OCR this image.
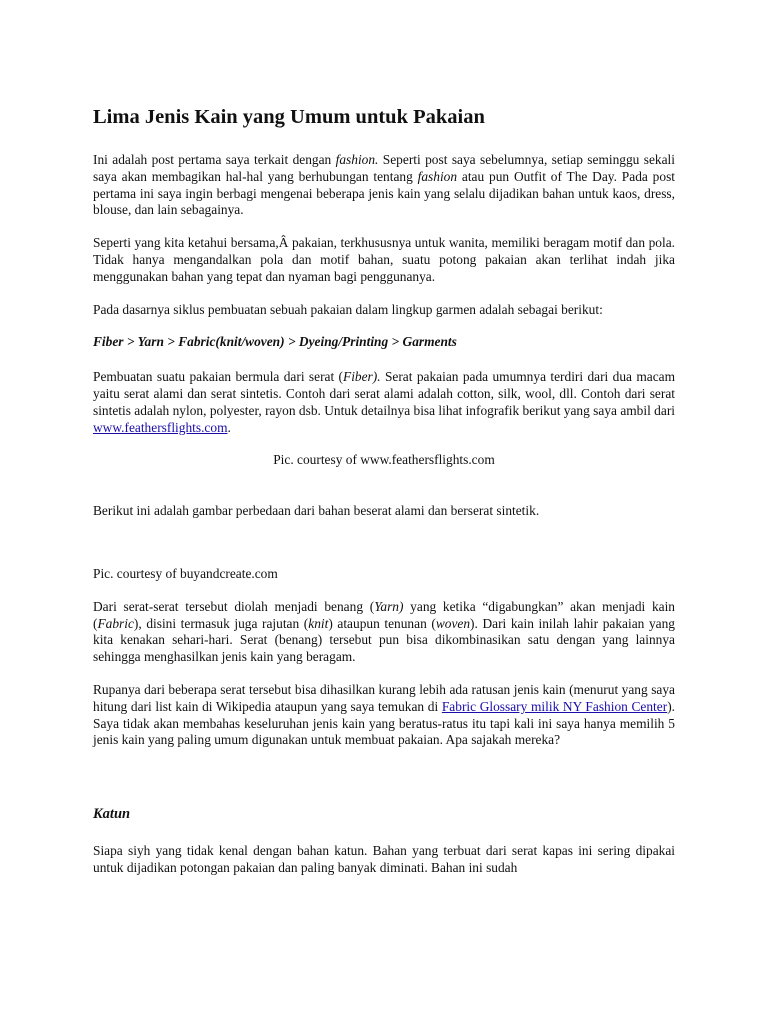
Lima Jenis Kain yang Umum untuk Pakaian

Ini adalah post pertama saya terkait dengan fashion. Seperti post saya sebelumnya, setiap seminggu sekali saya akan membagikan hal-hal yang berhubungan tentang fashion atau pun Outfit of The Day. Pada post pertama ini saya ingin berbagi mengenai beberapa jenis kain yang selalu dijadikan bahan untuk kaos, dress, blouse, dan lain sebagainya.

Seperti yang kita ketahui bersama,Â pakaian, terkhususnya untuk wanita, memiliki beragam motif dan pola. Tidak hanya mengandalkan pola dan motif bahan, suatu potong pakaian akan terlihat indah jika menggunakan bahan yang tepat dan nyaman bagi penggunanya.

Pada dasarnya siklus pembuatan sebuah pakaian dalam lingkup garmen adalah sebagai berikut:

Fiber > Yarn > Fabric(knit/woven) > Dyeing/Printing > Garments

Pembuatan suatu pakaian bermula dari serat (Fiber). Serat pakaian pada umumnya terdiri dari dua macam yaitu serat alami dan serat sintetis. Contoh dari serat alami adalah cotton, silk, wool, dll. Contoh dari serat sintetis adalah nylon, polyester, rayon dsb. Untuk detailnya bisa lihat infografik berikut yang saya ambil dari www.feathersflights.com.

Pic. courtesy of www.feathersflights.com

Berikut ini adalah gambar perbedaan dari bahan beserat alami dan berserat sintetik.

Pic. courtesy of buyandcreate.com

Dari serat-serat tersebut diolah menjadi benang (Yarn) yang ketika “digabungkan” akan menjadi kain (Fabric), disini termasuk juga rajutan (knit) ataupun tenunan (woven). Dari kain inilah lahir pakaian yang kita kenakan sehari-hari. Serat (benang) tersebut pun bisa dikombinasikan satu dengan yang lainnya sehingga menghasilkan jenis kain yang beragam.

Rupanya dari beberapa serat tersebut bisa dihasilkan kurang lebih ada ratusan jenis kain (menurut yang saya hitung dari list kain di Wikipedia ataupun yang saya temukan di Fabric Glossary milik NY Fashion Center). Saya tidak akan membahas keseluruhan jenis kain yang beratus-ratus itu tapi kali ini saya hanya memilih 5 jenis kain yang paling umum digunakan untuk membuat pakaian. Apa sajakah mereka?

Katun

Siapa siyh yang tidak kenal dengan bahan katun. Bahan yang terbuat dari serat kapas ini sering dipakai untuk dijadikan potongan pakaian dan paling banyak diminati. Bahan ini sudah
